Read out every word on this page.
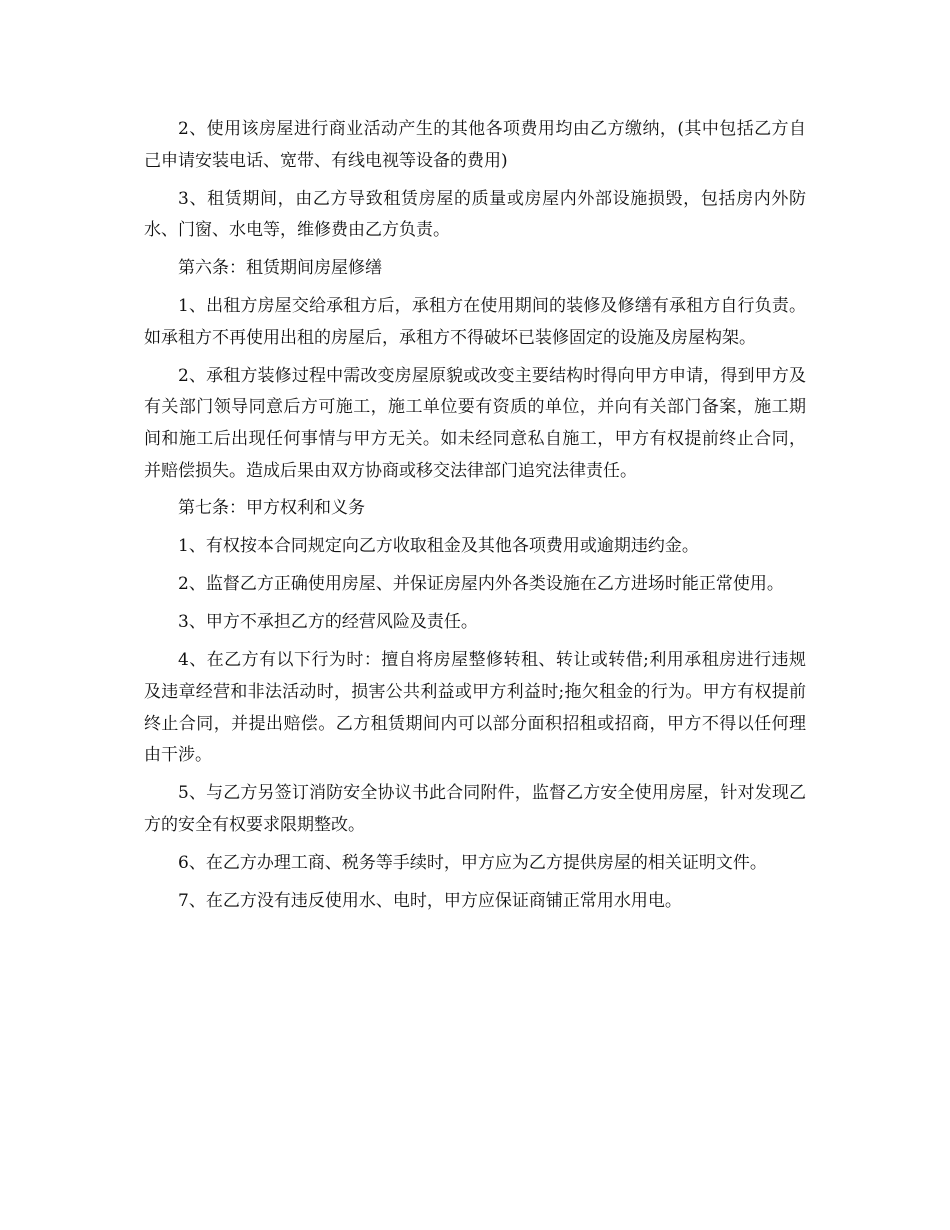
2、使用该房屋进行商业活动产生的其他各项费用均由乙方缴纳，(其中包括乙方自己申请安装电话、宽带、有线电视等设备的费用)

3、租赁期间，由乙方导致租赁房屋的质量或房屋内外部设施损毁，包括房内外防水、门窗、水电等，维修费由乙方负责。

第六条：租赁期间房屋修缮

1、出租方房屋交给承租方后，承租方在使用期间的装修及修缮有承租方自行负责。如承租方不再使用出租的房屋后，承租方不得破坏已装修固定的设施及房屋构架。

2、承租方装修过程中需改变房屋原貌或改变主要结构时得向甲方申请，得到甲方及有关部门领导同意后方可施工，施工单位要有资质的单位，并向有关部门备案，施工期间和施工后出现任何事情与甲方无关。如未经同意私自施工，甲方有权提前终止合同，并赔偿损失。造成后果由双方协商或移交法律部门追究法律责任。

第七条：甲方权利和义务

1、有权按本合同规定向乙方收取租金及其他各项费用或逾期违约金。

2、监督乙方正确使用房屋、并保证房屋内外各类设施在乙方进场时能正常使用。

3、甲方不承担乙方的经营风险及责任。

4、在乙方有以下行为时：擅自将房屋整修转租、转让或转借;利用承租房进行违规及违章经营和非法活动时，损害公共利益或甲方利益时;拖欠租金的行为。甲方有权提前终止合同，并提出赔偿。乙方租赁期间内可以部分面积招租或招商，甲方不得以任何理由干涉。

5、与乙方另签订消防安全协议书此合同附件，监督乙方安全使用房屋，针对发现乙方的安全有权要求限期整改。

6、在乙方办理工商、税务等手续时，甲方应为乙方提供房屋的相关证明文件。

7、在乙方没有违反使用水、电时，甲方应保证商铺正常用水用电。
